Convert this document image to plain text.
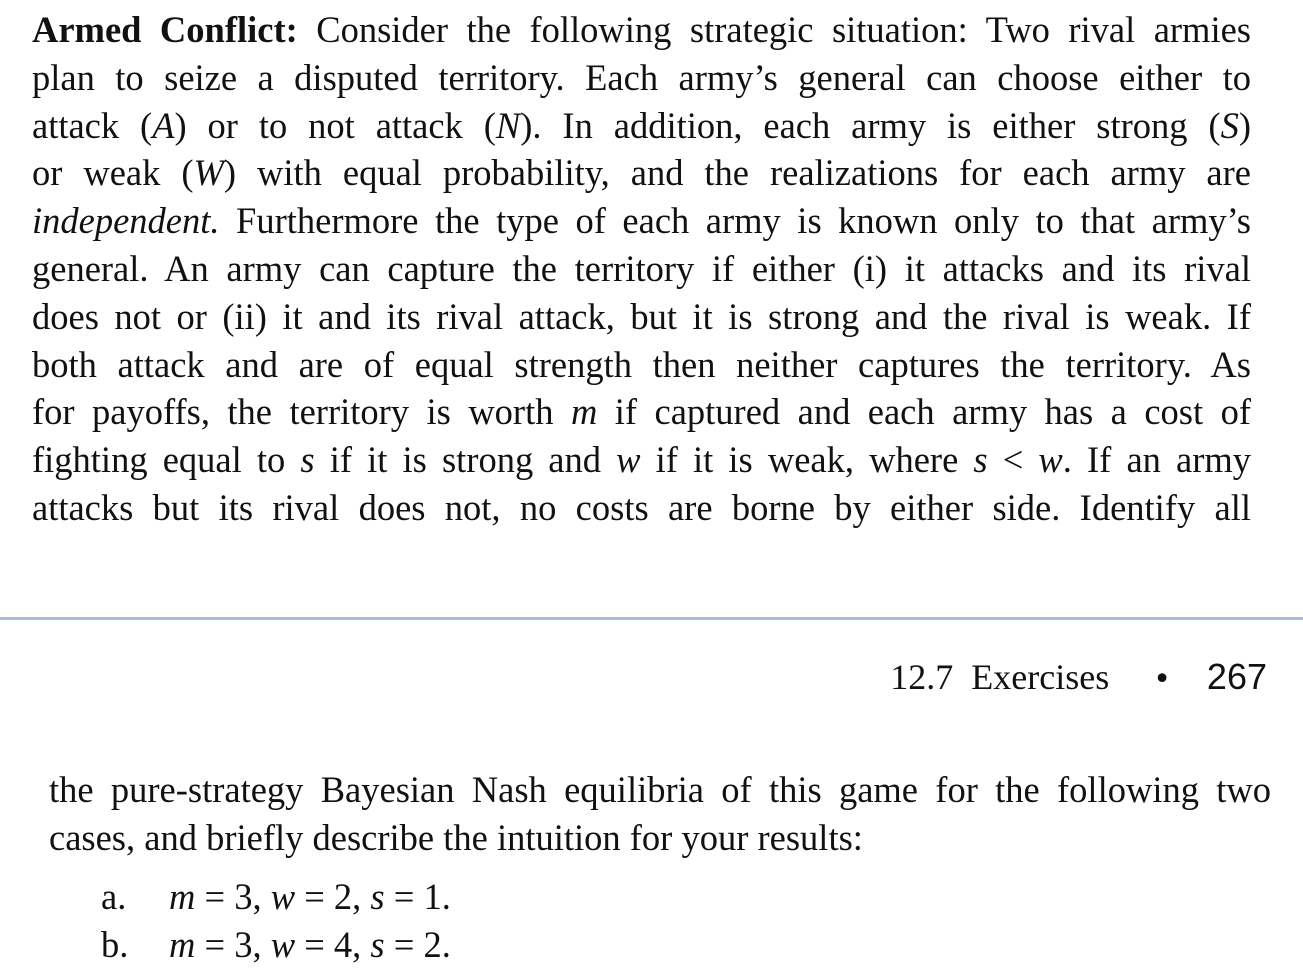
Armed Conflict: Consider the following strategic situation: Two rival armies
plan to seize a disputed territory. Each army’s general can choose either to
attack (A) or to not attack (N). In addition, each army is either strong (S)
or weak (W) with equal probability, and the realizations for each army are
independent. Furthermore the type of each army is known only to that army’s
general. An army can capture the territory if either (i) it attacks and its rival
does not or (ii) it and its rival attack, but it is strong and the rival is weak. If
both attack and are of equal strength then neither captures the territory. As
for payoffs, the territory is worth m if captured and each army has a cost of
fighting equal to s if it is strong and w if it is weak, where s < w. If an army
attacks but its rival does not, no costs are borne by either side. Identify all
12.7  Exercises • 267
the pure-strategy Bayesian Nash equilibria of this game for the following two
cases, and briefly describe the intuition for your results:
a.	m = 3, w = 2, s = 1.
b.	m = 3, w = 4, s = 2.
